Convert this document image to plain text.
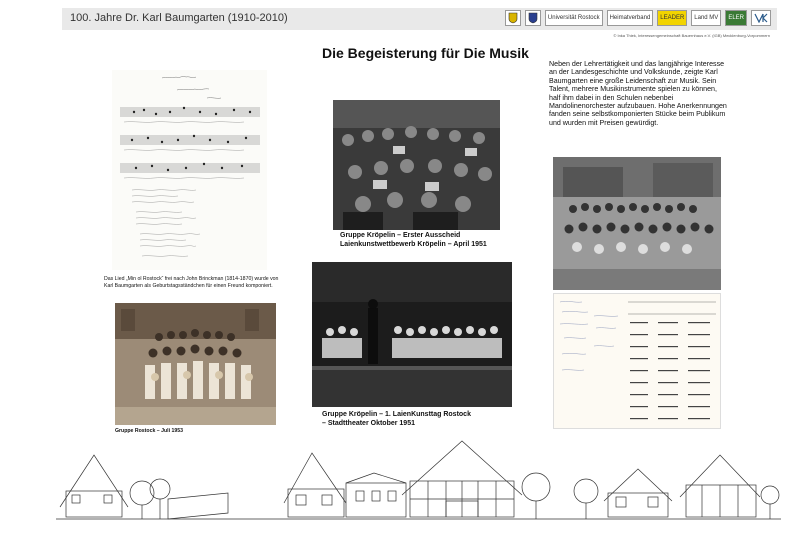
100. Jahre Dr. Karl Baumgarten (1910-2010)	Universität Rostock	Heimatverband	LEADER	Land MV	ELER
© Inka Thiek, Interessengemeinschaft Bauernhaus e.V. (IGB) Mecklenburg-Vorpommern
Die Begeisterung für Die Musik

Neben der Lehrertätigkeit und das langjährige Interesse an der Landesgeschichte und Volkskunde, zeigte Karl Baumgarten eine große Leidenschaft zur Musik. Sein Talent, mehrere Musikinstrumente spielen zu können, half ihm dabei in den Schulen nebenbei Mandolinenorchester aufzubauen. Hohe Anerkennungen fanden seine selbstkomponierten Stücke beim Publikum und wurden mit Preisen gewürdigt.

Das Lied „Min ol Rostock“ frei nach John Brinckman (1814-1870) wurde von Karl Baumgarten als Geburtstagsständchen für einen Freund komponiert.

Gruppe Kröpelin – Erster Ausscheid
Laienkunstwettbewerb Kröpelin – April 1951

Gruppe Rostock – Juli 1953

Gruppe Kröpelin – 1. LaienKunsttag Rostock
– Stadttheater Oktober 1951
